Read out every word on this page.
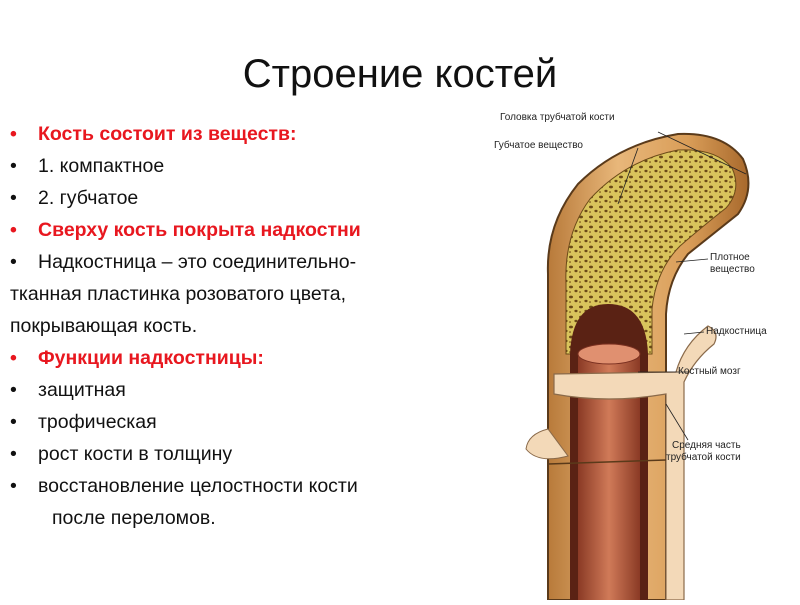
Строение костей
• Кость состоит из веществ:
• 1. компактное
• 2. губчатое
• Сверху кость покрыта надкостни
• Надкостница – это соединительно-
тканная пластинка розоватого цвета,
покрывающая кость.
• Функции надкостницы:
• защитная
• трофическая
• рост кости в толщину
• восстановление целостности кости
после переломов.
Головка трубчатой кости
Губчатое вещество
Плотное
вещество
Надкостница
Костный мозг
Средняя часть
трубчатой кости
